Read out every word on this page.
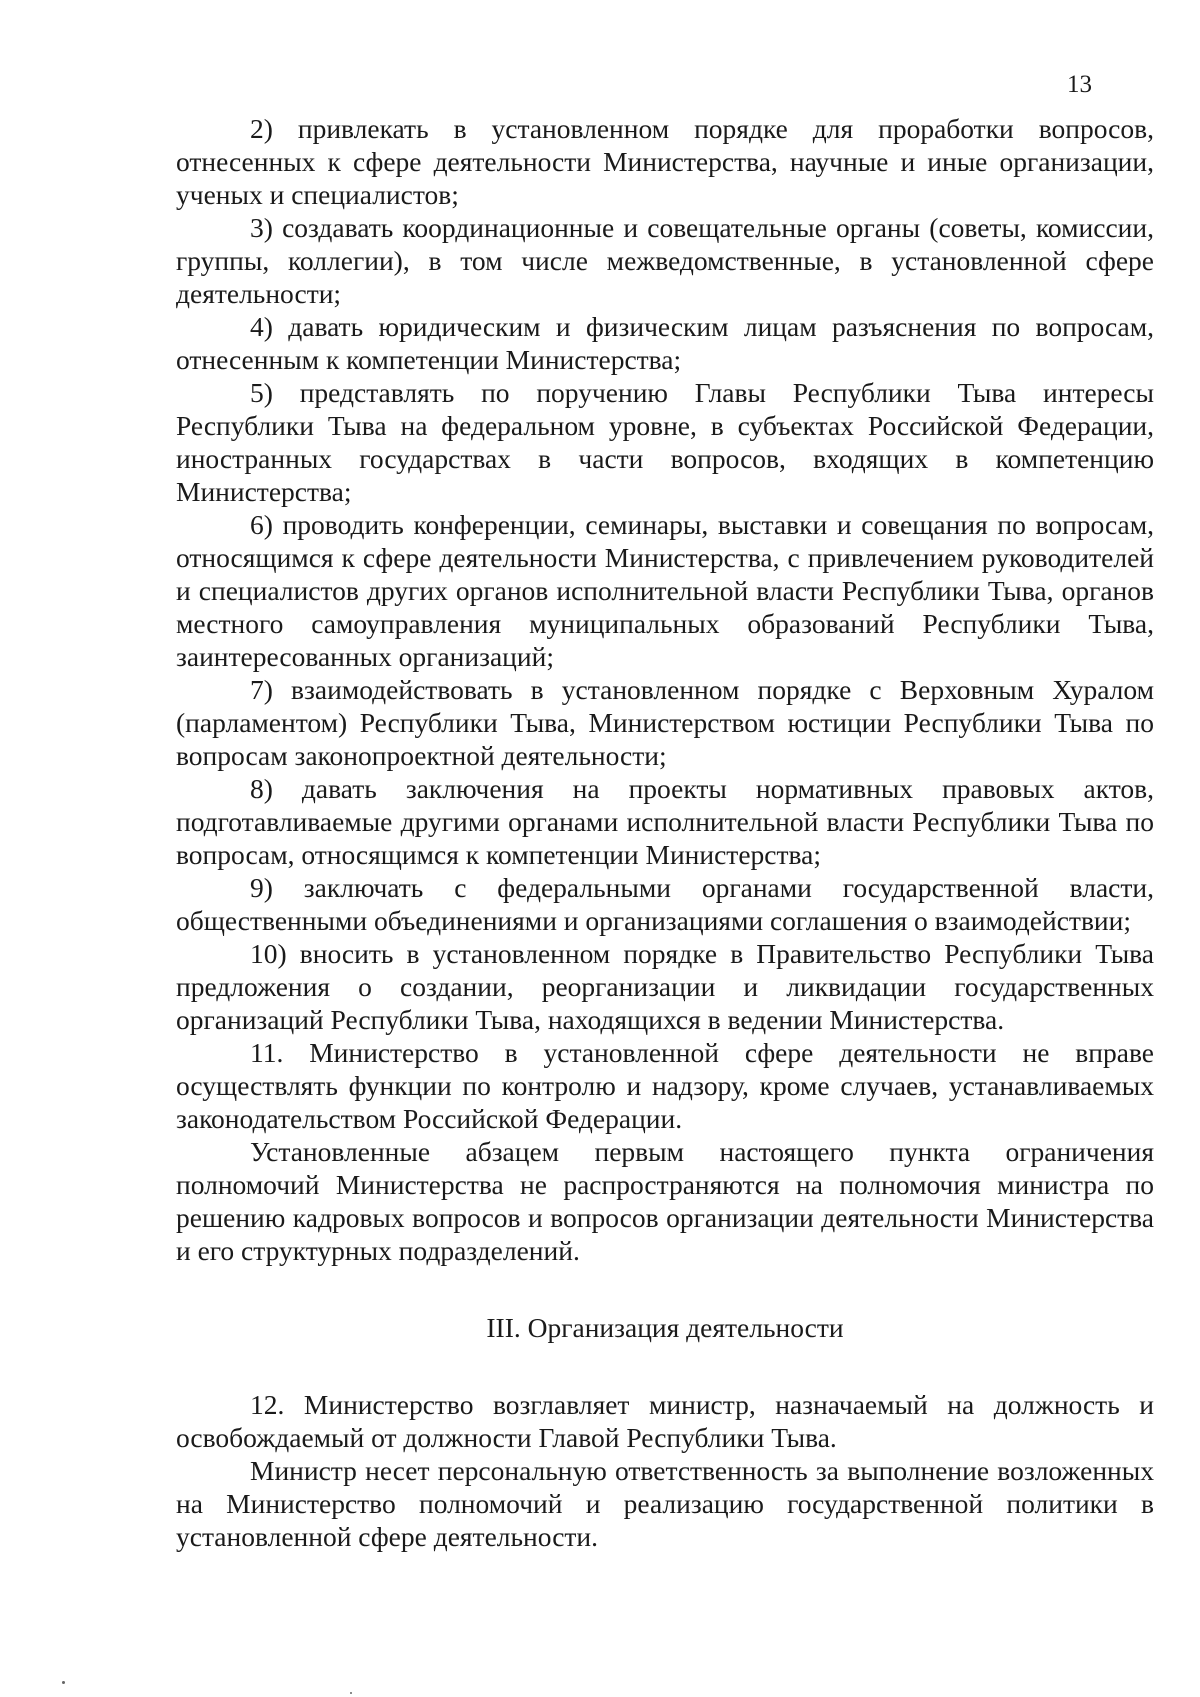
13

2) привлекать в установленном порядке для проработки вопросов, отнесенных к сфере деятельности Министерства, научные и иные организации, ученых и специалистов;

3) создавать координационные и совещательные органы (советы, комиссии, группы, коллегии), в том числе межведомственные, в установленной сфере деятельности;

4) давать юридическим и физическим лицам разъяснения по вопросам, отнесенным к компетенции Министерства;

5) представлять по поручению Главы Республики Тыва интересы Республики Тыва на федеральном уровне, в субъектах Российской Федерации, иностранных государствах в части вопросов, входящих в компетенцию Министерства;

6) проводить конференции, семинары, выставки и совещания по вопросам, относящимся к сфере деятельности Министерства, с привлечением руководителей и специалистов других органов исполнительной власти Республики Тыва, органов местного самоуправления муниципальных образований Республики Тыва, заинтересованных организаций;

7) взаимодействовать в установленном порядке с Верховным Хуралом (парламентом) Республики Тыва, Министерством юстиции Республики Тыва по вопросам законопроектной деятельности;

8) давать заключения на проекты нормативных правовых актов, подготавливаемые другими органами исполнительной власти Республики Тыва по вопросам, относящимся к компетенции Министерства;

9) заключать с федеральными органами государственной власти, общественными объединениями и организациями соглашения о взаимодействии;

10) вносить в установленном порядке в Правительство Республики Тыва предложения о создании, реорганизации и ликвидации государственных организаций Республики Тыва, находящихся в ведении Министерства.

11. Министерство в установленной сфере деятельности не вправе осуществлять функции по контролю и надзору, кроме случаев, устанавливаемых законодательством Российской Федерации.

Установленные абзацем первым настоящего пункта ограничения полномочий Министерства не распространяются на полномочия министра по решению кадровых вопросов и вопросов организации деятельности Министерства и его структурных подразделений.

III. Организация деятельности

12. Министерство возглавляет министр, назначаемый на должность и освобождаемый от должности Главой Республики Тыва.

Министр несет персональную ответственность за выполнение возложенных на Министерство полномочий и реализацию государственной политики в установленной сфере деятельности.
